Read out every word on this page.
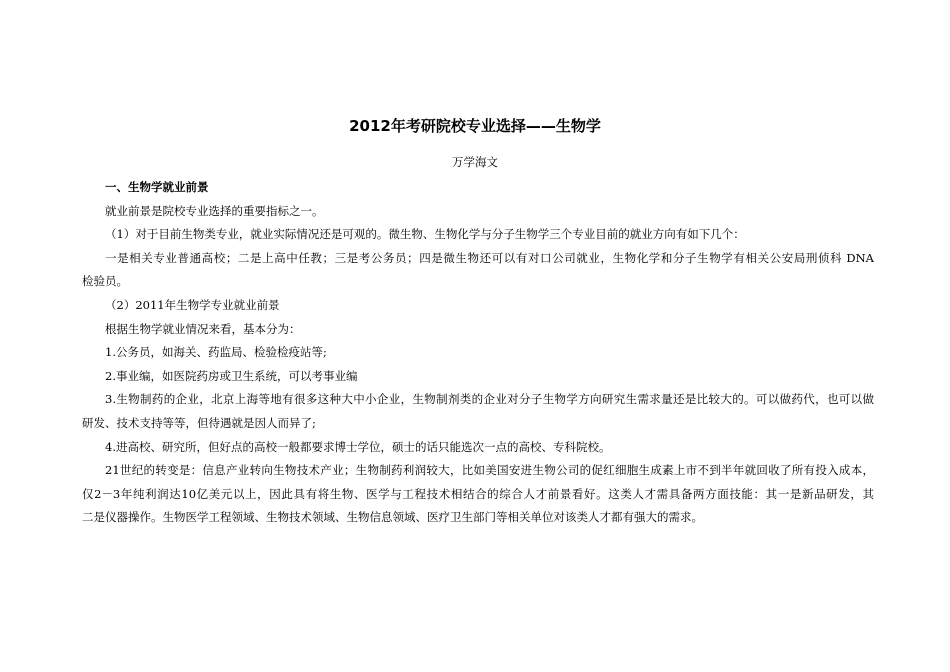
2012年考研院校专业选择——生物学
万学海文
一、生物学就业前景
就业前景是院校专业选择的重要指标之一。
（1）对于目前生物类专业，就业实际情况还是可观的。微生物、生物化学与分子生物学三个专业目前的就业方向有如下几个：
一是相关专业普通高校；二是上高中任教；三是考公务员；四是微生物还可以有对口公司就业，生物化学和分子生物学有相关公安局刑侦科 DNA
检验员。
（2）2011年生物学专业就业前景
根据生物学就业情况来看，基本分为：
1.公务员，如海关、药监局、检验检疫站等;
2.事业编，如医院药房或卫生系统，可以考事业编
3.生物制药的企业，北京上海等地有很多这种大中小企业，生物制剂类的企业对分子生物学方向研究生需求量还是比较大的。可以做药代，也可以做
研发、技术支持等等，但待遇就是因人而异了;
4.进高校、研究所，但好点的高校一般都要求博士学位，硕士的话只能选次一点的高校、专科院校。
21世纪的转变是：信息产业转向生物技术产业；生物制药利润较大，比如美国安进生物公司的促红细胞生成素上市不到半年就回收了所有投入成本，
仅2－3年纯利润达10亿美元以上，因此具有将生物、医学与工程技术相结合的综合人才前景看好。这类人才需具备两方面技能：其一是新品研发，其
二是仪器操作。生物医学工程领域、生物技术领域、生物信息领域、医疗卫生部门等相关单位对该类人才都有强大的需求。
